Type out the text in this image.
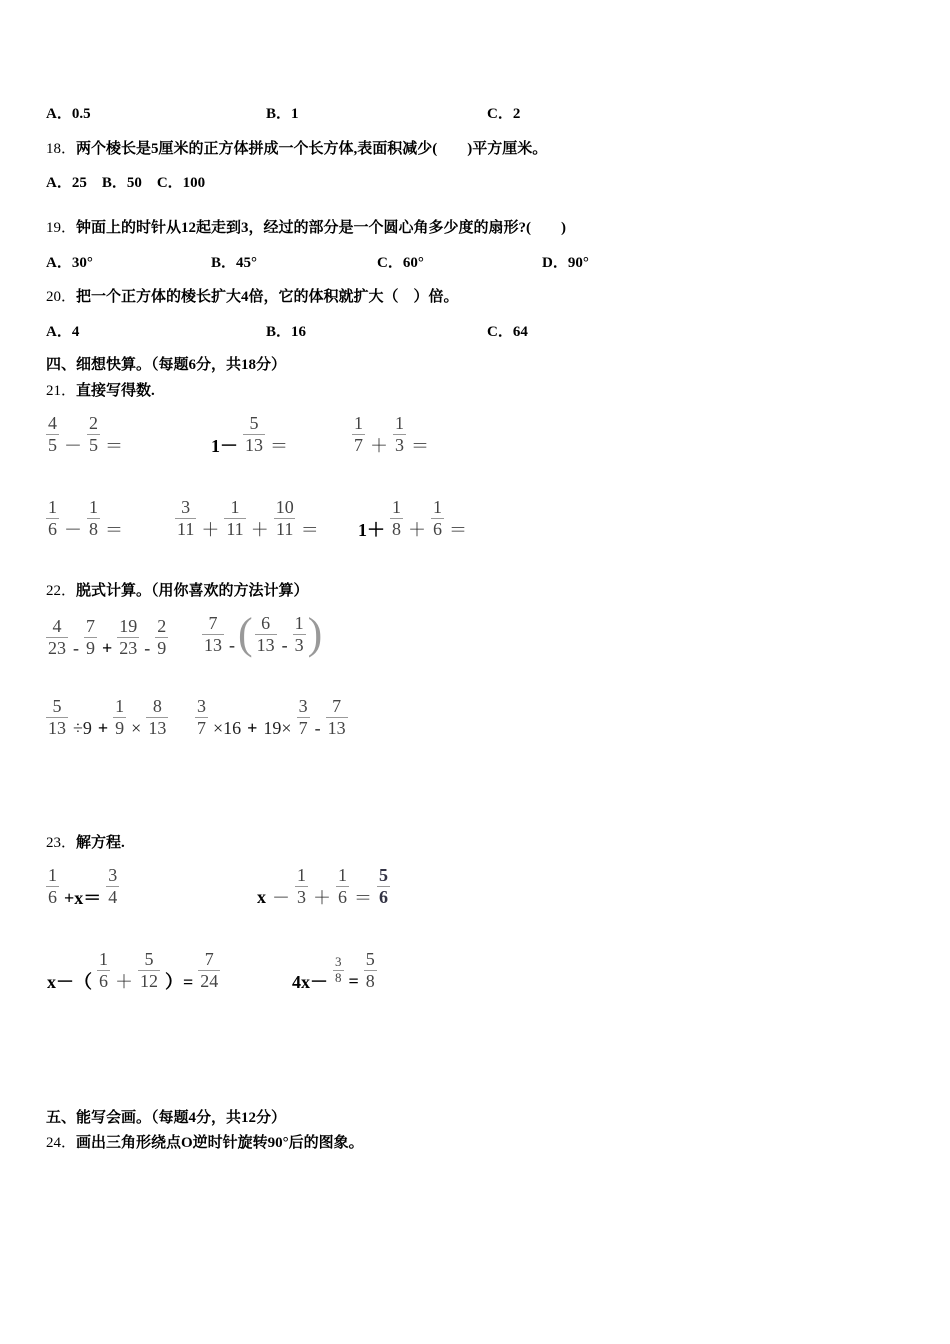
A．0.5	B．1	C．2
18．两个棱长是5厘米的正方体拼成一个长方体,表面积减少(　　)平方厘米。
A．25　B．50　C．100
19．钟面上的时针从12起走到3，经过的部分是一个圆心角多少度的扇形?(　　)
A．30°	B．45°	C．60°	D．90°
20．把一个正方体的棱长扩大4倍，它的体积就扩大（　）倍。
A．4	B．16	C．64
四、细想快算。（每题6分，共18分）
21．直接写得数.
$\frac{4}{5} - \frac{2}{5}$ ＝	$1- \frac{5}{13}$ ＝	$\frac{1}{7} + \frac{1}{3}$ ＝
$\frac{1}{6} - \frac{1}{8}$ ＝	$\frac{3}{11} + \frac{1}{11} + \frac{10}{11} = 1+ \frac{1}{8} + \frac{1}{6}$ ＝
22．脱式计算。（用你喜欢的方法计算）
$\frac{4}{23} - \frac{7}{9} + \frac{19}{23} - \frac{2}{9} \frac{7}{13}$ - ( $\frac{6}{13} - \frac{1}{3}$ )
$\frac{5}{13} \div 9 + \frac{1}{9} \times \frac{8}{13} \frac{3}{7} \times 16 + 19\times \frac{3}{7} - \frac{7}{13}$
23．解方程.
$\frac{1}{6} +x= \frac{3}{4}$	$x - \frac{1}{3} + \frac{1}{6} = \frac{5}{6}$
$x-( \frac{1}{6} + \frac{5}{12}$ ）= $\frac{7}{24}$	$4x- \frac{3}{8} = \frac{5}{8}$
五、能写会画。（每题4分，共12分）
24．画出三角形绕点O逆时针旋转90°后的图象。
